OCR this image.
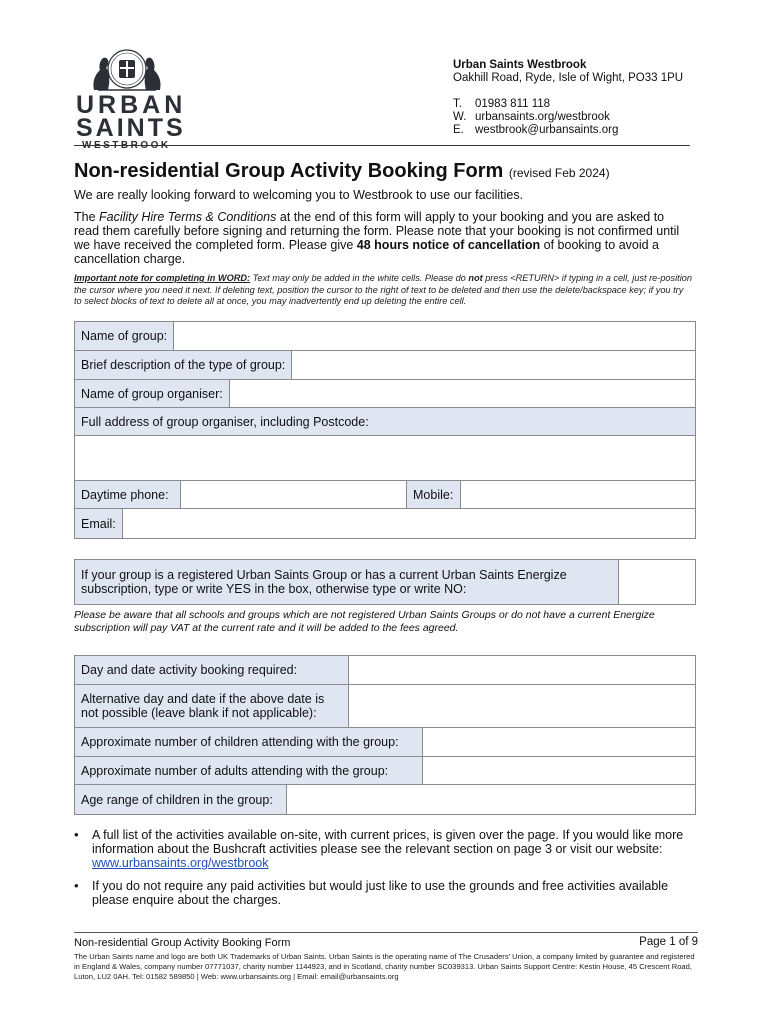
URBAN
SAINTS
WESTBROOK
Urban Saints Westbrook
Oakhill Road, Ryde, Isle of Wight, PO33 1PU
T.	01983 811 118
W. urbansaints.org/westbrook
E. westbrook@urbansaints.org
Non-residential Group Activity Booking Form (revised Feb 2024)

We are really looking forward to welcoming you to Westbrook to use our facilities.

The Facility Hire Terms & Conditions at the end of this form will apply to your booking and you are asked to read them carefully before signing and returning the form. Please note that your booking is not confirmed until we have received the completed form. Please give 48 hours notice of cancellation of booking to avoid a cancellation charge.

Important note for completing in WORD: Text may only be added in the white cells. Please do not press <RETURN> if typing in a cell, just re-position the cursor where you need it next. If deleting text, position the cursor to the right of text to be deleted and then use the delete/backspace key; if you try to select blocks of text to delete all at once, you may inadvertently end up deleting the entire cell.

Name of group:
Brief description of the type of group:
Name of group organiser:
Full address of group organiser, including Postcode:
Daytime phone:	Mobile:
Email:
If your group is a registered Urban Saints Group or has a current Urban Saints Energize subscription, type or write YES in the box, otherwise type or write NO:

Please be aware that all schools and groups which are not registered Urban Saints Groups or do not have a current Energize subscription will pay VAT at the current rate and it will be added to the fees agreed.

Day and date activity booking required:
Alternative day and date if the above date is not possible (leave blank if not applicable):
Approximate number of children attending with the group:
Approximate number of adults attending with the group:
Age range of children in the group:
•	A full list of the activities available on-site, with current prices, is given over the page. If you would like more information about the Bushcraft activities please see the relevant section on page 3 or visit our website: www.urbansaints.org/westbrook
•	If you do not require any paid activities but would just like to use the grounds and free activities available please enquire about the charges.
Non-residential Group Activity Booking Form	Page 1 of 9

The Urban Saints name and logo are both UK Trademarks of Urban Saints. Urban Saints is the operating name of The Crusaders' Union, a company limited by guarantee and registered in England & Wales, company number 07771037, charity number 1144923, and in Scotland, charity number SC039313. Urban Saints Support Centre: Kestin House, 45 Crescent Road, Luton, LU2 0AH. Tel: 01582 589850 | Web: www.urbansaints.org | Email: email@urbansaints.org
